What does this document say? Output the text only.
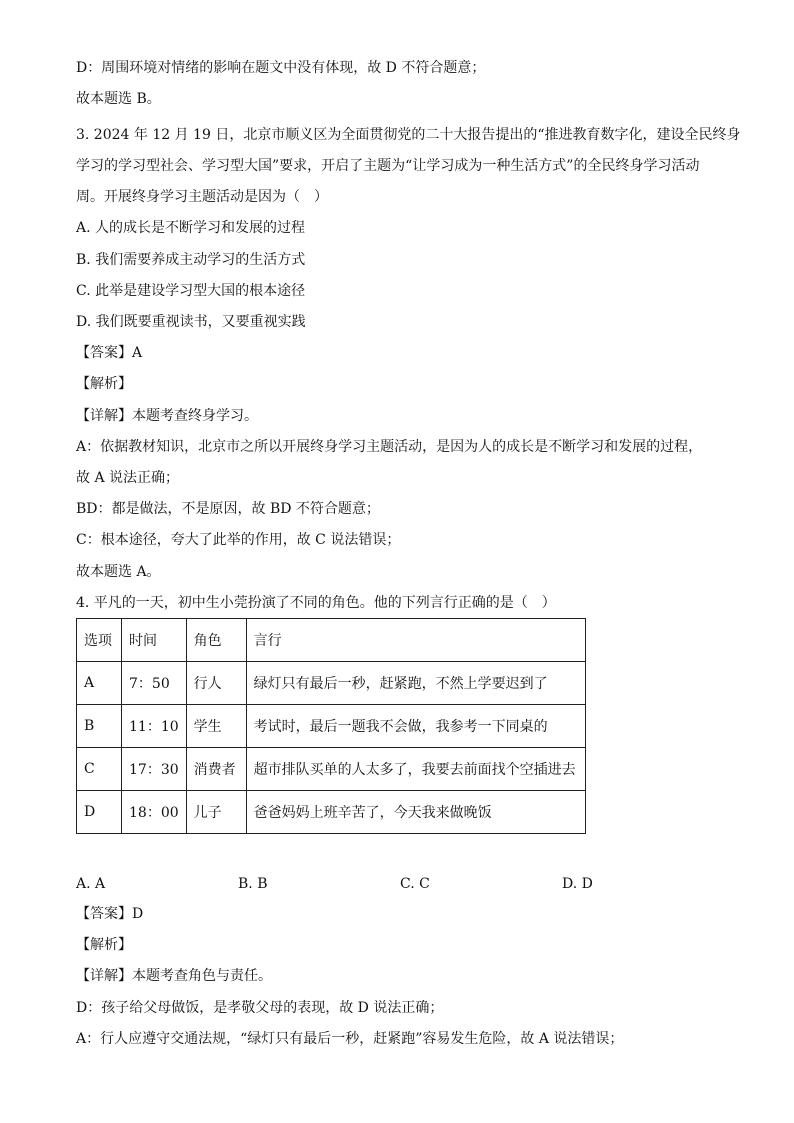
D：周围环境对情绪的影响在题文中没有体现，故 D 不符合题意；
故本题选 B。
3. 2024 年 12 月 19 日，北京市顺义区为全面贯彻党的二十大报告提出的“推进教育数字化，建设全民终身
学习的学习型社会、学习型大国”要求，开启了主题为“让学习成为一种生活方式”的全民终身学习活动
周。开展终身学习主题活动是因为（　）
A. 人的成长是不断学习和发展的过程
B. 我们需要养成主动学习的生活方式
C. 此举是建设学习型大国的根本途径
D. 我们既要重视读书，又要重视实践
【答案】A
【解析】
【详解】本题考查终身学习。
A：依据教材知识，北京市之所以开展终身学习主题活动，是因为人的成长是不断学习和发展的过程，
故 A 说法正确；
BD：都是做法，不是原因，故 BD 不符合题意；
C：根本途径，夸大了此举的作用，故 C 说法错误；
故本题选 A。
4. 平凡的一天，初中生小莞扮演了不同的角色。他的下列言行正确的是（　）
选项	时间	角色	言行
A	7：50	行人	绿灯只有最后一秒，赶紧跑，不然上学要迟到了
B	11：10	学生	考试时，最后一题我不会做，我参考一下同桌的
C	17：30	消费者	超市排队买单的人太多了，我要去前面找个空插进去
D	18：00	儿子	爸爸妈妈上班辛苦了，今天我来做晚饭
A. A	B. B	C. C	D. D
【答案】D
【解析】
【详解】本题考查角色与责任。
D：孩子给父母做饭，是孝敬父母的表现，故 D 说法正确；
A：行人应遵守交通法规，“绿灯只有最后一秒，赶紧跑”容易发生危险，故 A 说法错误；
